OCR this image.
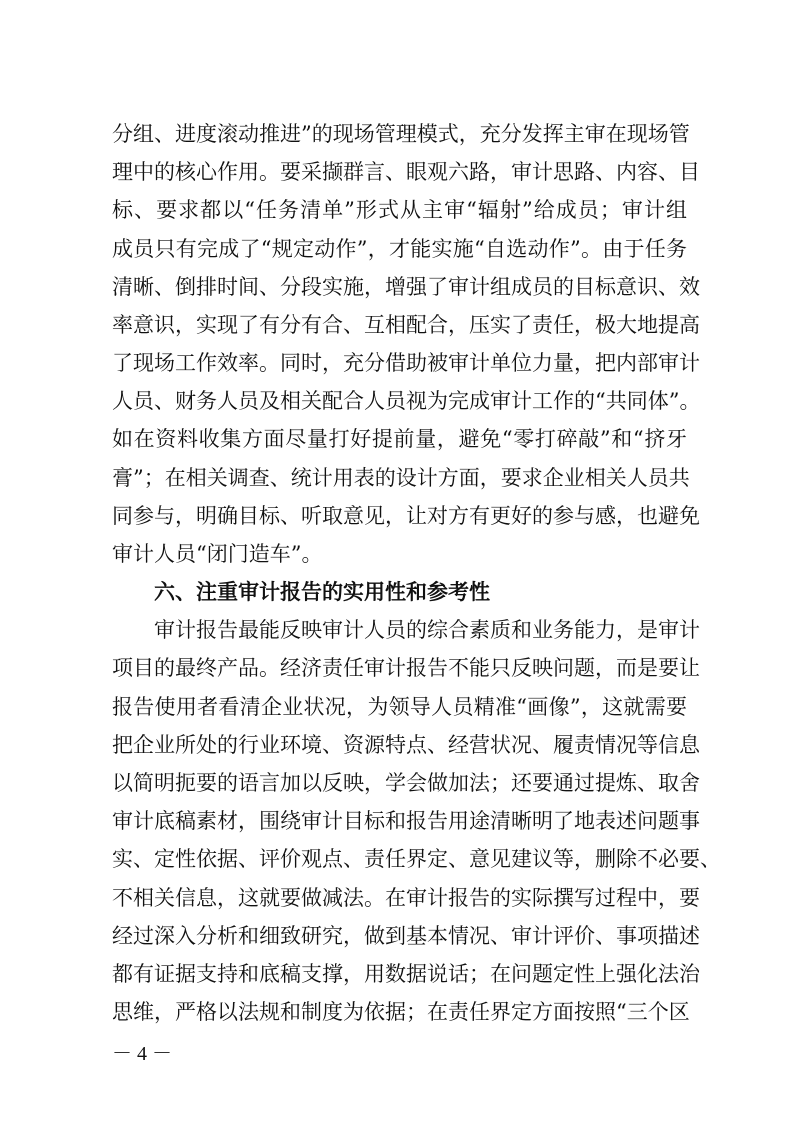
分组、进度滚动推进”的现场管理模式，充分发挥主审在现场管
理中的核心作用。要采撷群言、眼观六路，审计思路、内容、目
标、要求都以“任务清单”形式从主审“辐射”给成员；审计组
成员只有完成了“规定动作”，才能实施“自选动作”。由于任务
清晰、倒排时间、分段实施，增强了审计组成员的目标意识、效
率意识，实现了有分有合、互相配合，压实了责任，极大地提高
了现场工作效率。同时，充分借助被审计单位力量，把内部审计
人员、财务人员及相关配合人员视为完成审计工作的“共同体”。
如在资料收集方面尽量打好提前量，避免“零打碎敲”和“挤牙
膏”；在相关调查、统计用表的设计方面，要求企业相关人员共
同参与，明确目标、听取意见，让对方有更好的参与感，也避免
审计人员“闭门造车”。
六、注重审计报告的实用性和参考性
审计报告最能反映审计人员的综合素质和业务能力，是审计
项目的最终产品。经济责任审计报告不能只反映问题，而是要让
报告使用者看清企业状况，为领导人员精准“画像”，这就需要
把企业所处的行业环境、资源特点、经营状况、履责情况等信息
以简明扼要的语言加以反映，学会做加法；还要通过提炼、取舍
审计底稿素材，围绕审计目标和报告用途清晰明了地表述问题事
实、定性依据、评价观点、责任界定、意见建议等，删除不必要、
不相关信息，这就要做减法。在审计报告的实际撰写过程中，要
经过深入分析和细致研究，做到基本情况、审计评价、事项描述
都有证据支持和底稿支撑，用数据说话；在问题定性上强化法治
－ 4 －
思维，严格以法规和制度为依据；在责任界定方面按照“三个区
